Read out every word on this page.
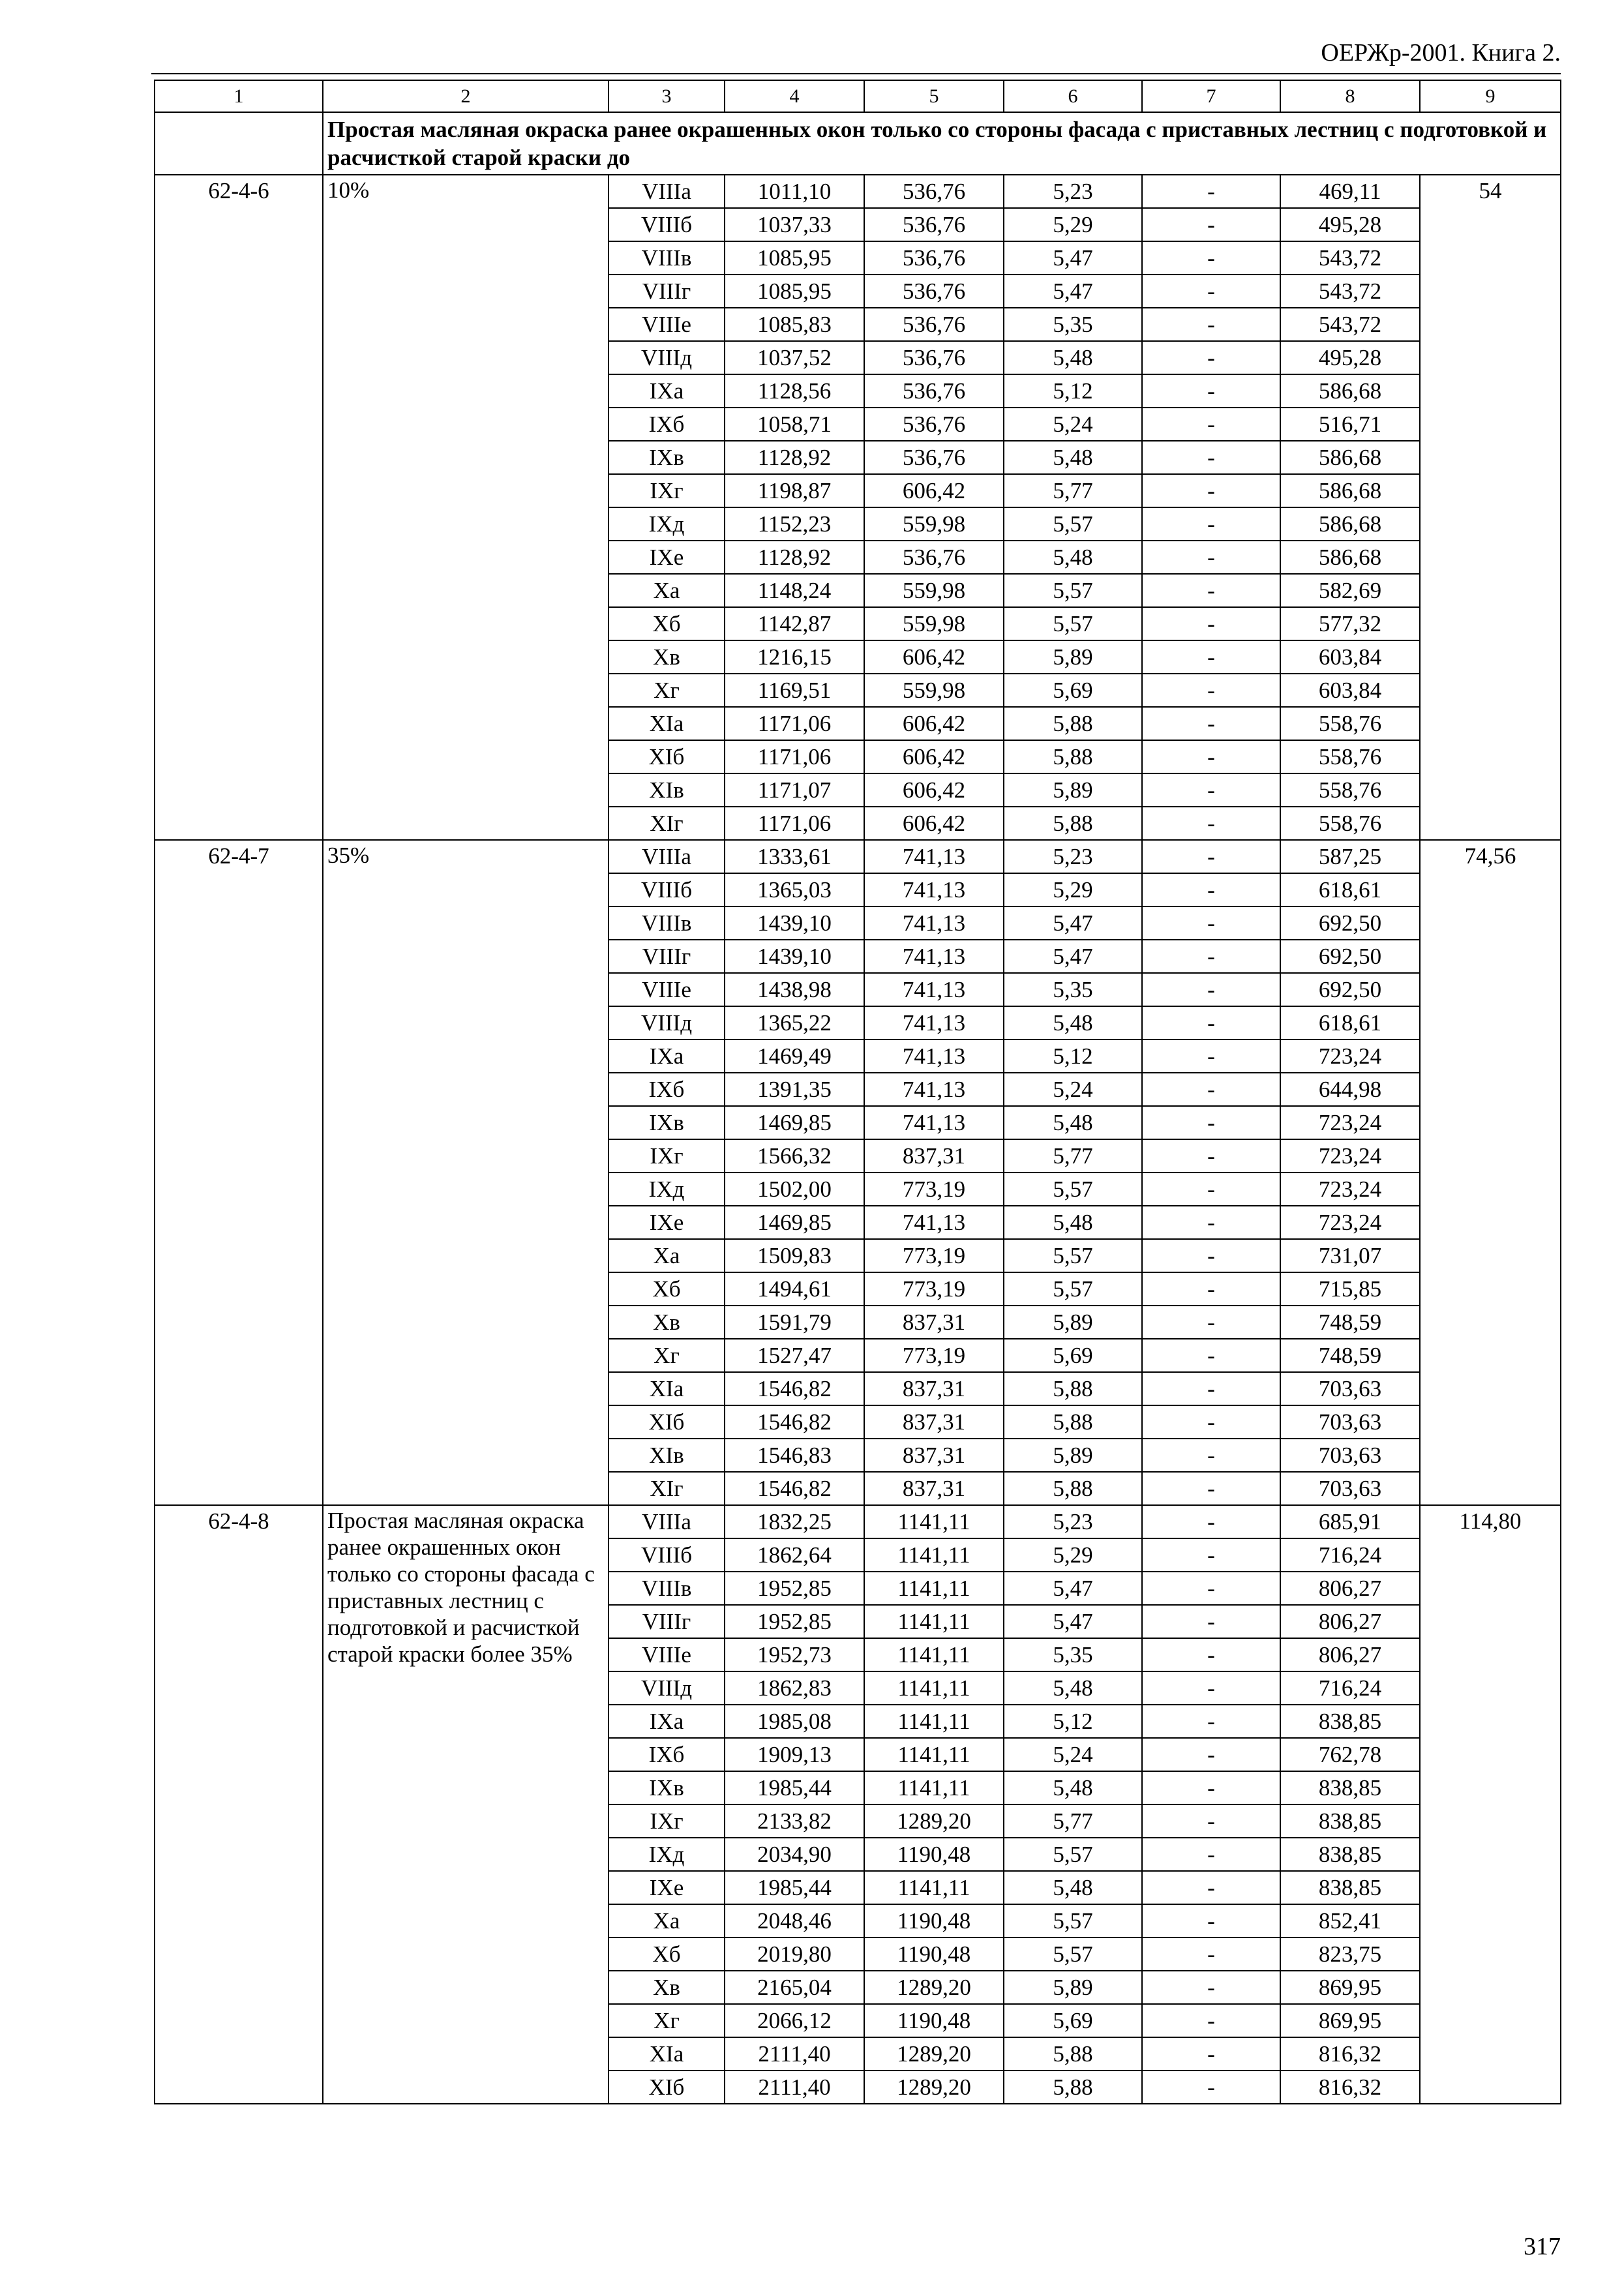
ОЕРЖр-2001. Книга 2.
1	2	3	4	5	6	7	8	9
	Простая масляная окраска ранее окрашенных окон только со стороны фасада с приставных лестниц с подготовкой и расчисткой старой краски до							
62-4-6	10%	VIIIа	1011,10	536,76	5,23	-	469,11	54
		VIIIб	1037,33	536,76	5,29	-	495,28	
		VIIIв	1085,95	536,76	5,47	-	543,72	
		VIIIг	1085,95	536,76	5,47	-	543,72	
		VIIIе	1085,83	536,76	5,35	-	543,72	
		VIIIд	1037,52	536,76	5,48	-	495,28	
		IXа	1128,56	536,76	5,12	-	586,68	
		IXб	1058,71	536,76	5,24	-	516,71	
		IXв	1128,92	536,76	5,48	-	586,68	
		IXг	1198,87	606,42	5,77	-	586,68	
		IXд	1152,23	559,98	5,57	-	586,68	
		IXе	1128,92	536,76	5,48	-	586,68	
		Xа	1148,24	559,98	5,57	-	582,69	
		Xб	1142,87	559,98	5,57	-	577,32	
		Xв	1216,15	606,42	5,89	-	603,84	
		Xг	1169,51	559,98	5,69	-	603,84	
		XIа	1171,06	606,42	5,88	-	558,76	
		XIб	1171,06	606,42	5,88	-	558,76	
		XIв	1171,07	606,42	5,89	-	558,76	
		XIг	1171,06	606,42	5,88	-	558,76	
62-4-7	35%	VIIIа	1333,61	741,13	5,23	-	587,25	74,56
		VIIIб	1365,03	741,13	5,29	-	618,61	
		VIIIв	1439,10	741,13	5,47	-	692,50	
		VIIIг	1439,10	741,13	5,47	-	692,50	
		VIIIе	1438,98	741,13	5,35	-	692,50	
		VIIIд	1365,22	741,13	5,48	-	618,61	
		IXа	1469,49	741,13	5,12	-	723,24	
		IXб	1391,35	741,13	5,24	-	644,98	
		IXв	1469,85	741,13	5,48	-	723,24	
		IXг	1566,32	837,31	5,77	-	723,24	
		IXд	1502,00	773,19	5,57	-	723,24	
		IXе	1469,85	741,13	5,48	-	723,24	
		Xа	1509,83	773,19	5,57	-	731,07	
		Xб	1494,61	773,19	5,57	-	715,85	
		Xв	1591,79	837,31	5,89	-	748,59	
		Xг	1527,47	773,19	5,69	-	748,59	
		XIа	1546,82	837,31	5,88	-	703,63	
		XIб	1546,82	837,31	5,88	-	703,63	
		XIв	1546,83	837,31	5,89	-	703,63	
		XIг	1546,82	837,31	5,88	-	703,63	
62-4-8	Простая масляная окраска ранее окрашенных окон только со стороны фасада с приставных лестниц с подготовкой и расчисткой старой краски более 35%	VIIIа	1832,25	1141,11	5,23	-	685,91	114,80
		VIIIб	1862,64	1141,11	5,29	-	716,24	
		VIIIв	1952,85	1141,11	5,47	-	806,27	
		VIIIг	1952,85	1141,11	5,47	-	806,27	
		VIIIе	1952,73	1141,11	5,35	-	806,27	
		VIIIд	1862,83	1141,11	5,48	-	716,24	
		IXа	1985,08	1141,11	5,12	-	838,85	
		IXб	1909,13	1141,11	5,24	-	762,78	
		IXв	1985,44	1141,11	5,48	-	838,85	
		IXг	2133,82	1289,20	5,77	-	838,85	
		IXд	2034,90	1190,48	5,57	-	838,85	
		IXе	1985,44	1141,11	5,48	-	838,85	
		Xа	2048,46	1190,48	5,57	-	852,41	
		Xб	2019,80	1190,48	5,57	-	823,75	
		Xв	2165,04	1289,20	5,89	-	869,95	
		Xг	2066,12	1190,48	5,69	-	869,95	
		XIа	2111,40	1289,20	5,88	-	816,32	
		XIб	2111,40	1289,20	5,88	-	816,32	
317
